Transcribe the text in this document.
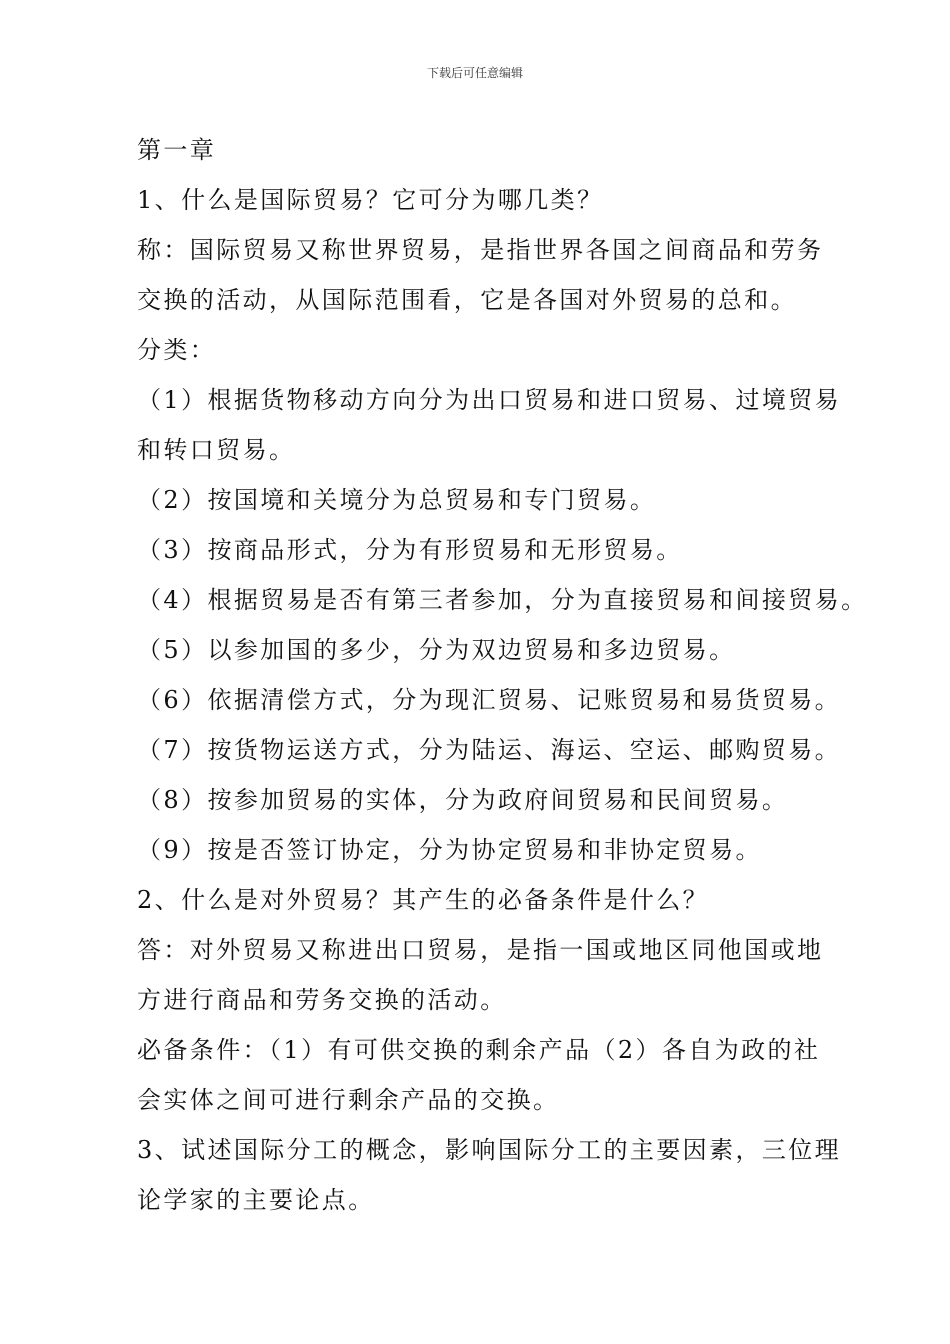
下载后可任意编辑
第一章
1、什么是国际贸易？它可分为哪几类？
称：国际贸易又称世界贸易，是指世界各国之间商品和劳务
交换的活动，从国际范围看，它是各国对外贸易的总和。
分类：
（1）根据货物移动方向分为出口贸易和进口贸易、过境贸易
和转口贸易。
（2）按国境和关境分为总贸易和专门贸易。
（3）按商品形式，分为有形贸易和无形贸易。
（4）根据贸易是否有第三者参加，分为直接贸易和间接贸易。
（5）以参加国的多少，分为双边贸易和多边贸易。
（6）依据清偿方式，分为现汇贸易、记账贸易和易货贸易。
（7）按货物运送方式，分为陆运、海运、空运、邮购贸易。
（8）按参加贸易的实体，分为政府间贸易和民间贸易。
（9）按是否签订协定，分为协定贸易和非协定贸易。
2、什么是对外贸易？其产生的必备条件是什么？
答：对外贸易又称进出口贸易，是指一国或地区同他国或地
方进行商品和劳务交换的活动。
必备条件：（1）有可供交换的剩余产品（2）各自为政的社
会实体之间可进行剩余产品的交换。
3、试述国际分工的概念，影响国际分工的主要因素，三位理
论学家的主要论点。
